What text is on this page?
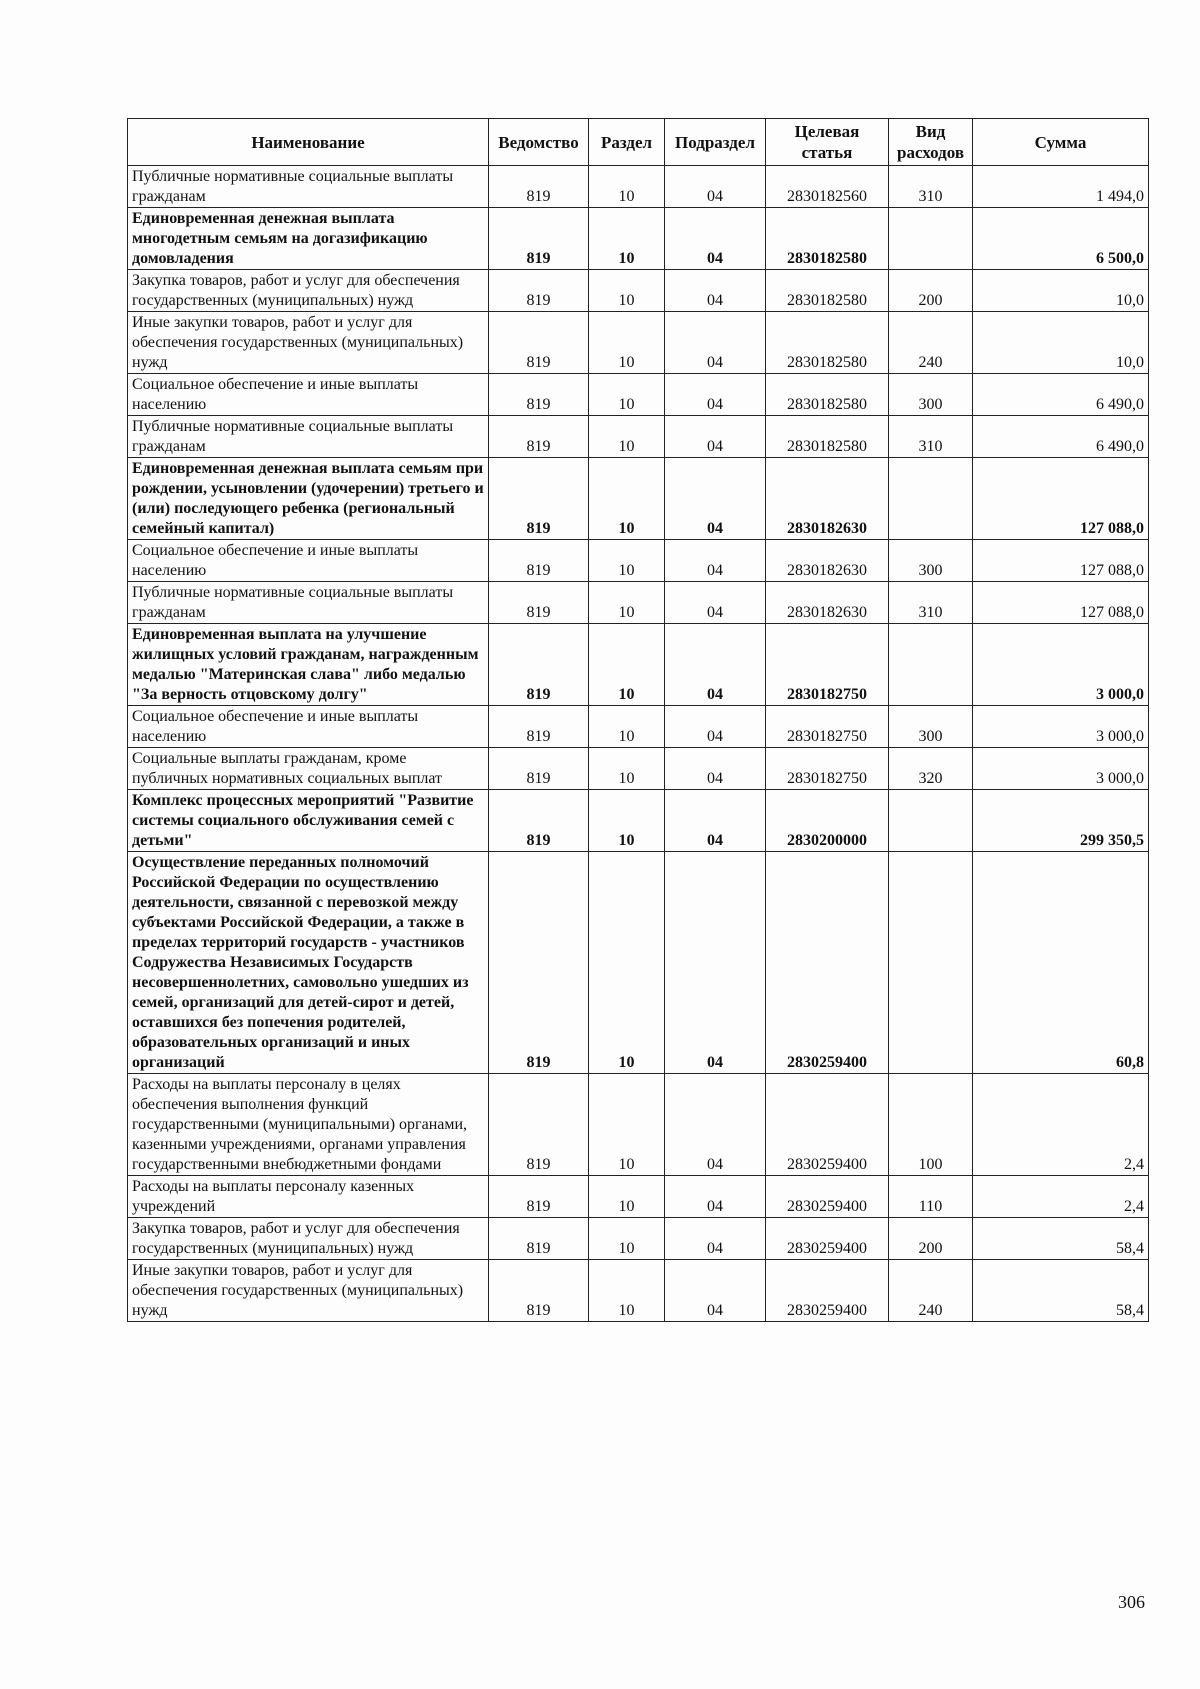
Наименование	Ведомство	Раздел	Подраздел	Целевая статья	Вид расходов	Сумма
Публичные нормативные социальные выплаты гражданам	819	10	04	2830182560	310	1 494,0
Единовременная денежная выплата многодетным семьям на догазификацию домовладения	819	10	04	2830182580		6 500,0
Закупка товаров, работ и услуг для обеспечения государственных (муниципальных) нужд	819	10	04	2830182580	200	10,0
Иные закупки товаров, работ и услуг для обеспечения государственных (муниципальных) нужд	819	10	04	2830182580	240	10,0
Социальное обеспечение и иные выплаты населению	819	10	04	2830182580	300	6 490,0
Публичные нормативные социальные выплаты гражданам	819	10	04	2830182580	310	6 490,0
Единовременная денежная выплата семьям при рождении, усыновлении (удочерении) третьего и (или) последующего ребенка (региональный семейный капитал)	819	10	04	2830182630		127 088,0
Социальное обеспечение и иные выплаты населению	819	10	04	2830182630	300	127 088,0
Публичные нормативные социальные выплаты гражданам	819	10	04	2830182630	310	127 088,0
Единовременная выплата на улучшение жилищных условий гражданам, награжденным медалью "Материнская слава" либо медалью "За верность отцовскому долгу"	819	10	04	2830182750		3 000,0
Социальное обеспечение и иные выплаты населению	819	10	04	2830182750	300	3 000,0
Социальные выплаты гражданам, кроме публичных нормативных социальных выплат	819	10	04	2830182750	320	3 000,0
Комплекс процессных мероприятий "Развитие системы социального обслуживания семей с детьми"	819	10	04	2830200000		299 350,5
Осуществление переданных полномочий Российской Федерации по осуществлению деятельности, связанной с перевозкой между субъектами Российской Федерации, а также в пределах территорий государств - участников Содружества Независимых Государств несовершеннолетних, самовольно ушедших из семей, организаций для детей-сирот и детей, оставшихся без попечения родителей, образовательных организаций и иных организаций	819	10	04	2830259400		60,8
Расходы на выплаты персоналу в целях обеспечения выполнения функций государственными (муниципальными) органами, казенными учреждениями, органами управления государственными внебюджетными фондами	819	10	04	2830259400	100	2,4
Расходы на выплаты персоналу казенных учреждений	819	10	04	2830259400	110	2,4
Закупка товаров, работ и услуг для обеспечения государственных (муниципальных) нужд	819	10	04	2830259400	200	58,4
Иные закупки товаров, работ и услуг для обеспечения государственных (муниципальных) нужд	819	10	04	2830259400	240	58,4
306
